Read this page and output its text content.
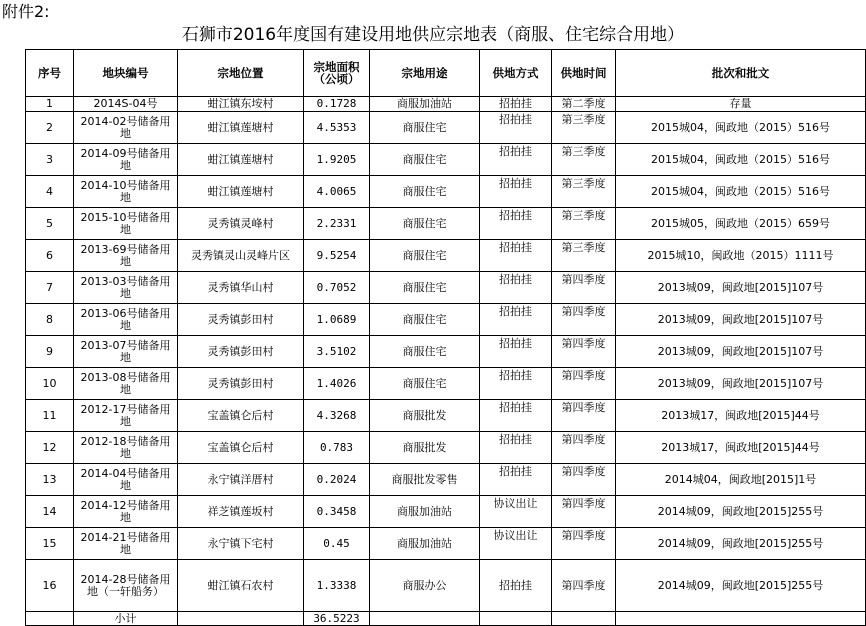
附件2:
石狮市2016年度国有建设用地供应宗地表（商服、住宅综合用地）
序号	地块编号	宗地位置	宗地面积（公顷）	宗地用途	供地方式	供地时间	批次和批文
1	2014S-04号	蚶江镇东垵村	0.1728	商服加油站	招拍挂	第二季度	存量
2	2014-02号储备用地	蚶江镇莲塘村	4.5353	商服住宅	招拍挂	第三季度	2015城04，闽政地（2015）516号
3	2014-09号储备用地	蚶江镇莲塘村	1.9205	商服住宅	招拍挂	第三季度	2015城04，闽政地（2015）516号
4	2014-10号储备用地	蚶江镇莲塘村	4.0065	商服住宅	招拍挂	第三季度	2015城04，闽政地（2015）516号
5	2015-10号储备用地	灵秀镇灵峰村	2.2331	商服住宅	招拍挂	第三季度	2015城05，闽政地（2015）659号
6	2013-69号储备用地	灵秀镇灵山灵峰片区	9.5254	商服住宅	招拍挂	第三季度	2015城10，闽政地（2015）1111号
7	2013-03号储备用地	灵秀镇华山村	0.7052	商服住宅	招拍挂	第四季度	2013城09，闽政地[2015]107号
8	2013-06号储备用地	灵秀镇彭田村	1.0689	商服住宅	招拍挂	第四季度	2013城09，闽政地[2015]107号
9	2013-07号储备用地	灵秀镇彭田村	3.5102	商服住宅	招拍挂	第四季度	2013城09，闽政地[2015]107号
10	2013-08号储备用地	灵秀镇彭田村	1.4026	商服住宅	招拍挂	第四季度	2013城09，闽政地[2015]107号
11	2012-17号储备用地	宝盖镇仑后村	4.3268	商服批发	招拍挂	第四季度	2013城17，闽政地[2015]44号
12	2012-18号储备用地	宝盖镇仑后村	0.783	商服批发	招拍挂	第四季度	2013城17，闽政地[2015]44号
13	2014-04号储备用地	永宁镇洋厝村	0.2024	商服批发零售	招拍挂	第四季度	2014城04，闽政地[2015]1号
14	2014-12号储备用地	祥芝镇莲坂村	0.3458	商服加油站	协议出让	第四季度	2014城09，闽政地[2015]255号
15	2014-21号储备用地	永宁镇下宅村	0.45	商服加油站	协议出让	第四季度	2014城09，闽政地[2015]255号
16	2014-28号储备用地（一轩船务）	蚶江镇石农村	1.3338	商服办公	招拍挂	第四季度	2014城09，闽政地[2015]255号
	小计		36.5223				
